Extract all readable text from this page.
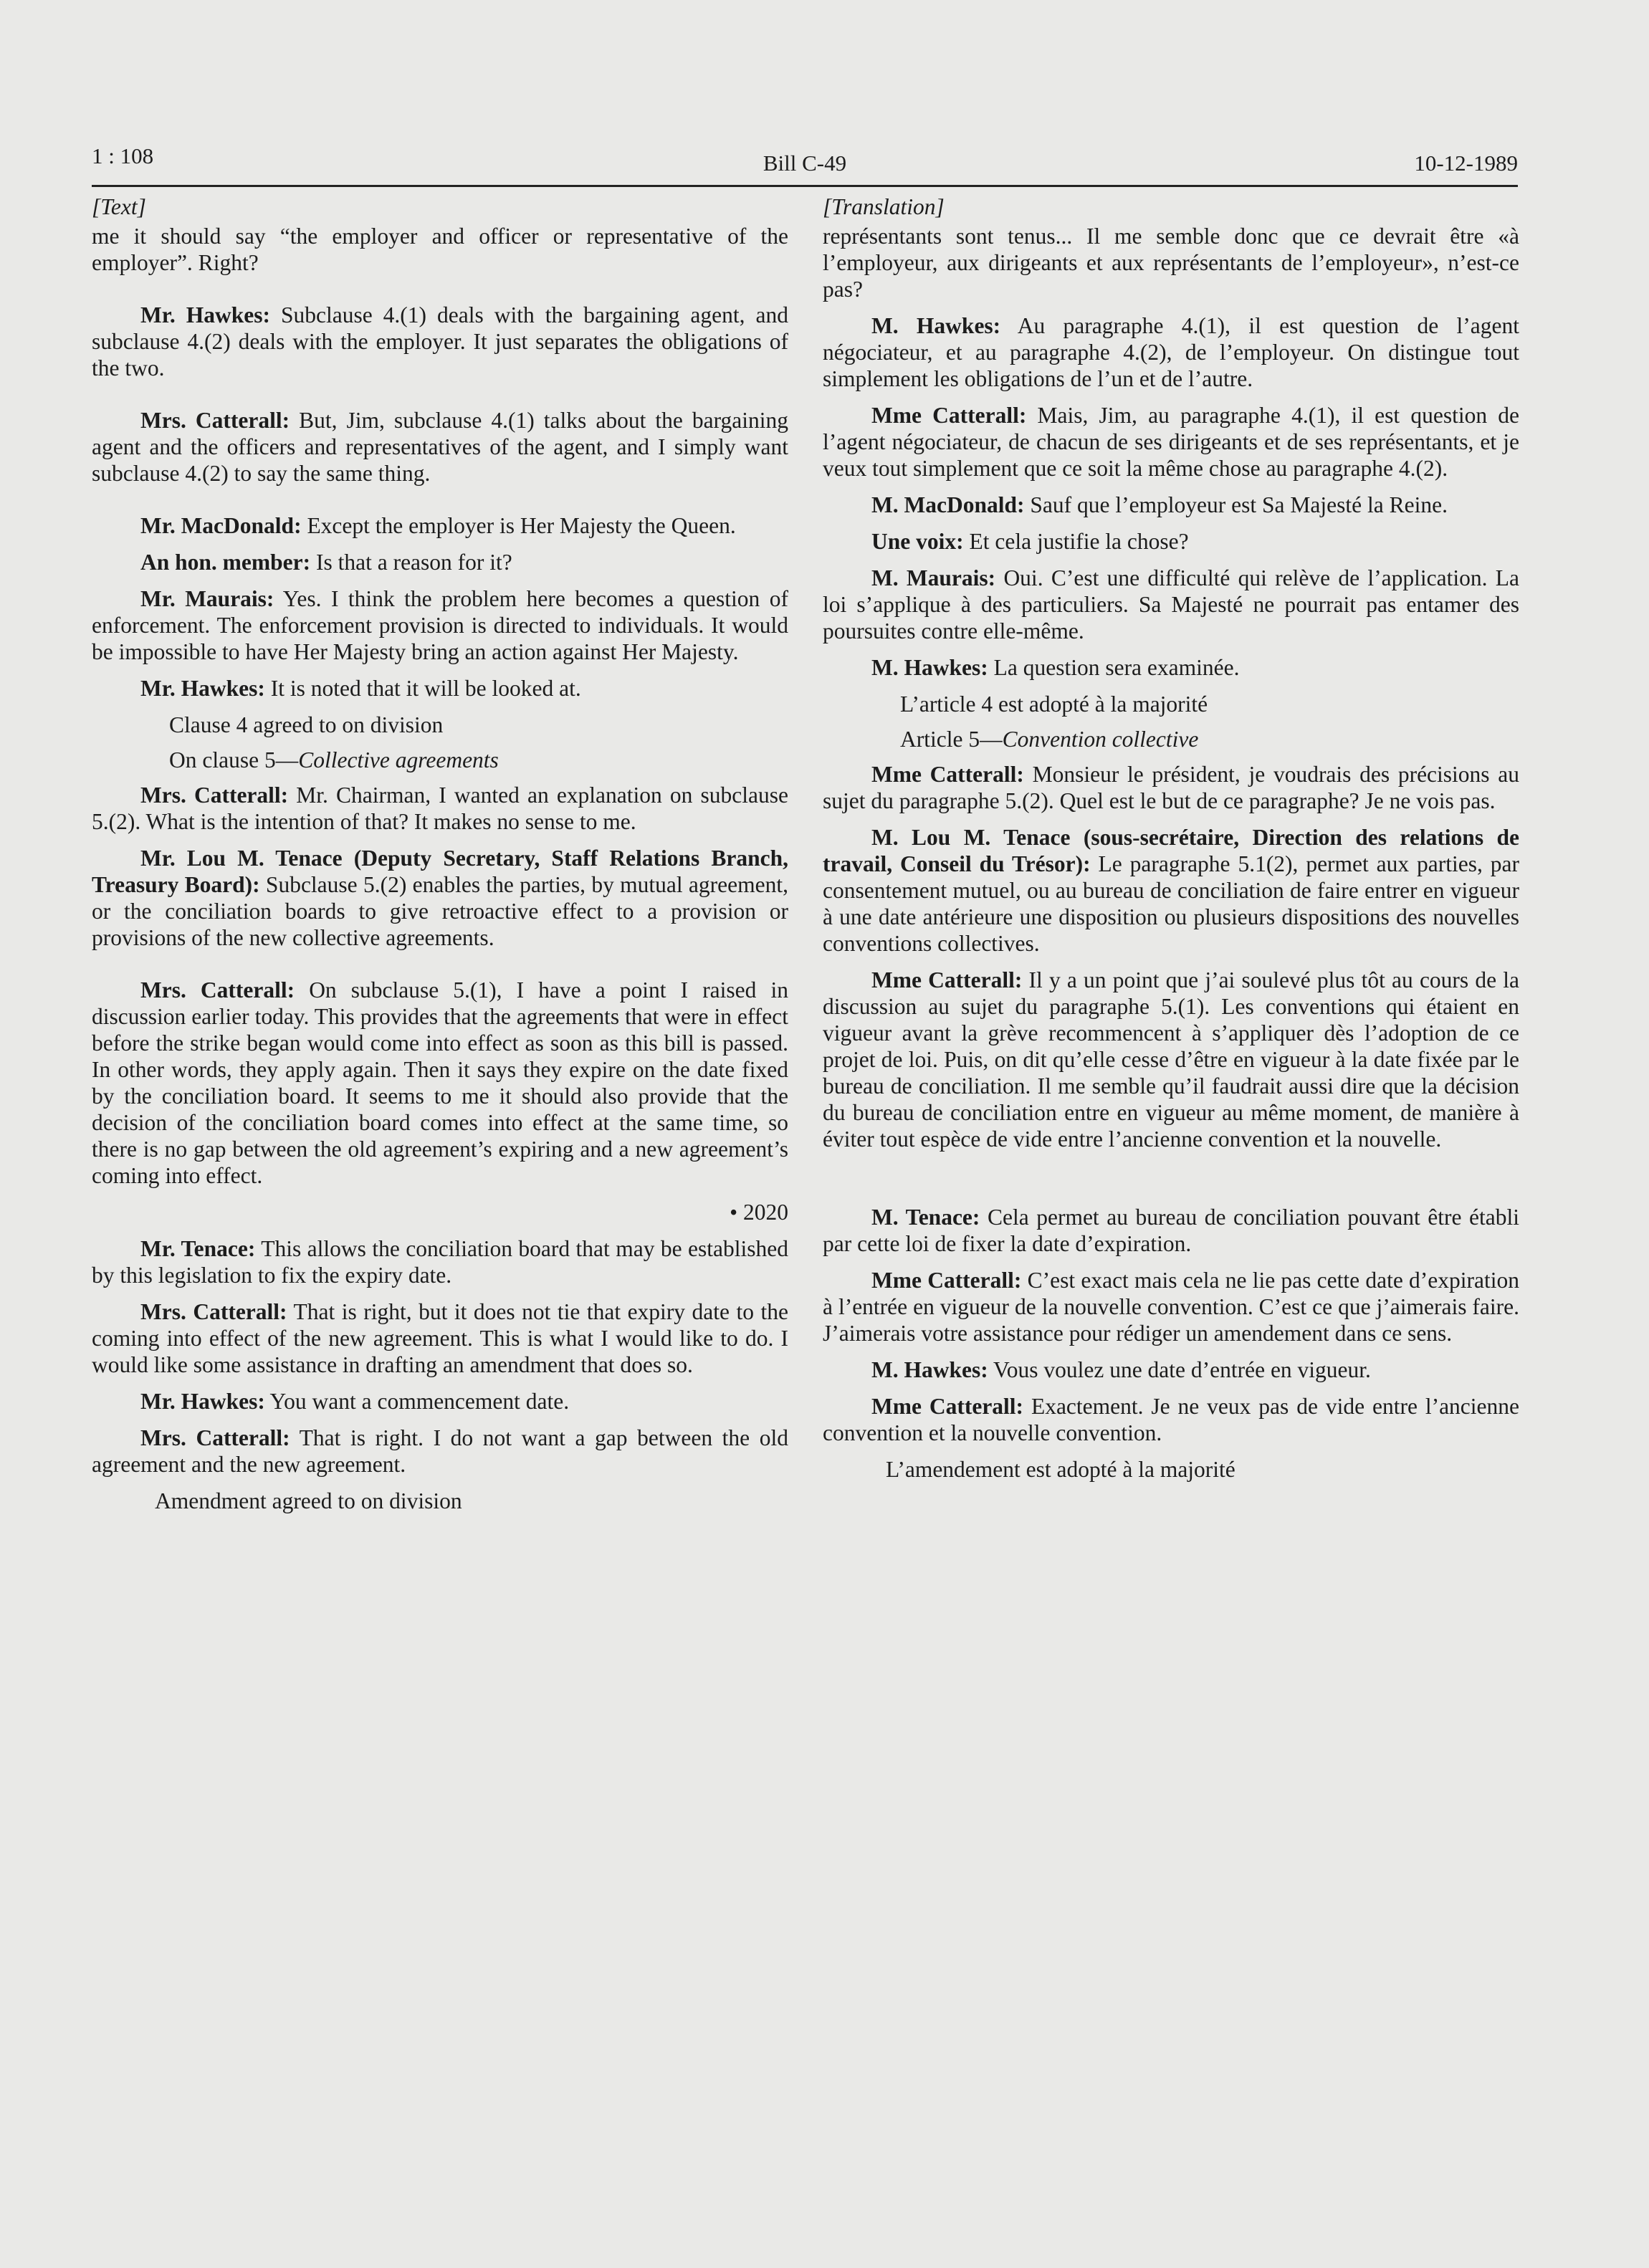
1 : 108	Bill C-49	10-12-1989
[Text]

me it should say “the employer and officer or representative of the employer”. Right?

Mr. Hawkes: Subclause 4.(1) deals with the bargaining agent, and subclause 4.(2) deals with the employer. It just separates the obligations of the two.

Mrs. Catterall: But, Jim, subclause 4.(1) talks about the bargaining agent and the officers and representatives of the agent, and I simply want subclause 4.(2) to say the same thing.

Mr. MacDonald: Except the employer is Her Majesty the Queen.

An hon. member: Is that a reason for it?

Mr. Maurais: Yes. I think the problem here becomes a question of enforcement. The enforcement provision is directed to individuals. It would be impossible to have Her Majesty bring an action against Her Majesty.

Mr. Hawkes: It is noted that it will be looked at.

Clause 4 agreed to on division

On clause 5—Collective agreements

Mrs. Catterall: Mr. Chairman, I wanted an explanation on subclause 5.(2). What is the intention of that? It makes no sense to me.

Mr. Lou M. Tenace (Deputy Secretary, Staff Relations Branch, Treasury Board): Subclause 5.(2) enables the parties, by mutual agreement, or the conciliation boards to give retroactive effect to a provision or provisions of the new collective agreements.

Mrs. Catterall: On subclause 5.(1), I have a point I raised in discussion earlier today. This provides that the agreements that were in effect before the strike began would come into effect as soon as this bill is passed. In other words, they apply again. Then it says they expire on the date fixed by the conciliation board. It seems to me it should also provide that the decision of the conciliation board comes into effect at the same time, so there is no gap between the old agreement’s expiring and a new agreement’s coming into effect.

• 2020

Mr. Tenace: This allows the conciliation board that may be established by this legislation to fix the expiry date.

Mrs. Catterall: That is right, but it does not tie that expiry date to the coming into effect of the new agreement. This is what I would like to do. I would like some assistance in drafting an amendment that does so.

Mr. Hawkes: You want a commencement date.

Mrs. Catterall: That is right. I do not want a gap between the old agreement and the new agreement.

Amendment agreed to on division

[Translation]

représentants sont tenus... Il me semble donc que ce devrait être «à l’employeur, aux dirigeants et aux représentants de l’employeur», n’est-ce pas?

M. Hawkes: Au paragraphe 4.(1), il est question de l’agent négociateur, et au paragraphe 4.(2), de l’employeur. On distingue tout simplement les obligations de l’un et de l’autre.

Mme Catterall: Mais, Jim, au paragraphe 4.(1), il est question de l’agent négociateur, de chacun de ses dirigeants et de ses représentants, et je veux tout simplement que ce soit la même chose au paragraphe 4.(2).

M. MacDonald: Sauf que l’employeur est Sa Majesté la Reine.

Une voix: Et cela justifie la chose?

M. Maurais: Oui. C’est une difficulté qui relève de l’application. La loi s’applique à des particuliers. Sa Majesté ne pourrait pas entamer des poursuites contre elle-même.

M. Hawkes: La question sera examinée.

L’article 4 est adopté à la majorité

Article 5—Convention collective

Mme Catterall: Monsieur le président, je voudrais des précisions au sujet du paragraphe 5.(2). Quel est le but de ce paragraphe? Je ne vois pas.

M. Lou M. Tenace (sous-secrétaire, Direction des relations de travail, Conseil du Trésor): Le paragraphe 5.1(2), permet aux parties, par consentement mutuel, ou au bureau de conciliation de faire entrer en vigueur à une date antérieure une disposition ou plusieurs dispositions des nouvelles conventions collectives.

Mme Catterall: Il y a un point que j’ai soulevé plus tôt au cours de la discussion au sujet du paragraphe 5.(1). Les conventions qui étaient en vigueur avant la grève recommencent à s’appliquer dès l’adoption de ce projet de loi. Puis, on dit qu’elle cesse d’être en vigueur à la date fixée par le bureau de conciliation. Il me semble qu’il faudrait aussi dire que la décision du bureau de conciliation entre en vigueur au même moment, de manière à éviter tout espèce de vide entre l’ancienne convention et la nouvelle.

M. Tenace: Cela permet au bureau de conciliation pouvant être établi par cette loi de fixer la date d’expiration.

Mme Catterall: C’est exact mais cela ne lie pas cette date d’expiration à l’entrée en vigueur de la nouvelle convention. C’est ce que j’aimerais faire. J’aimerais votre assistance pour rédiger un amendement dans ce sens.

M. Hawkes: Vous voulez une date d’entrée en vigueur.

Mme Catterall: Exactement. Je ne veux pas de vide entre l’ancienne convention et la nouvelle convention.

L’amendement est adopté à la majorité
